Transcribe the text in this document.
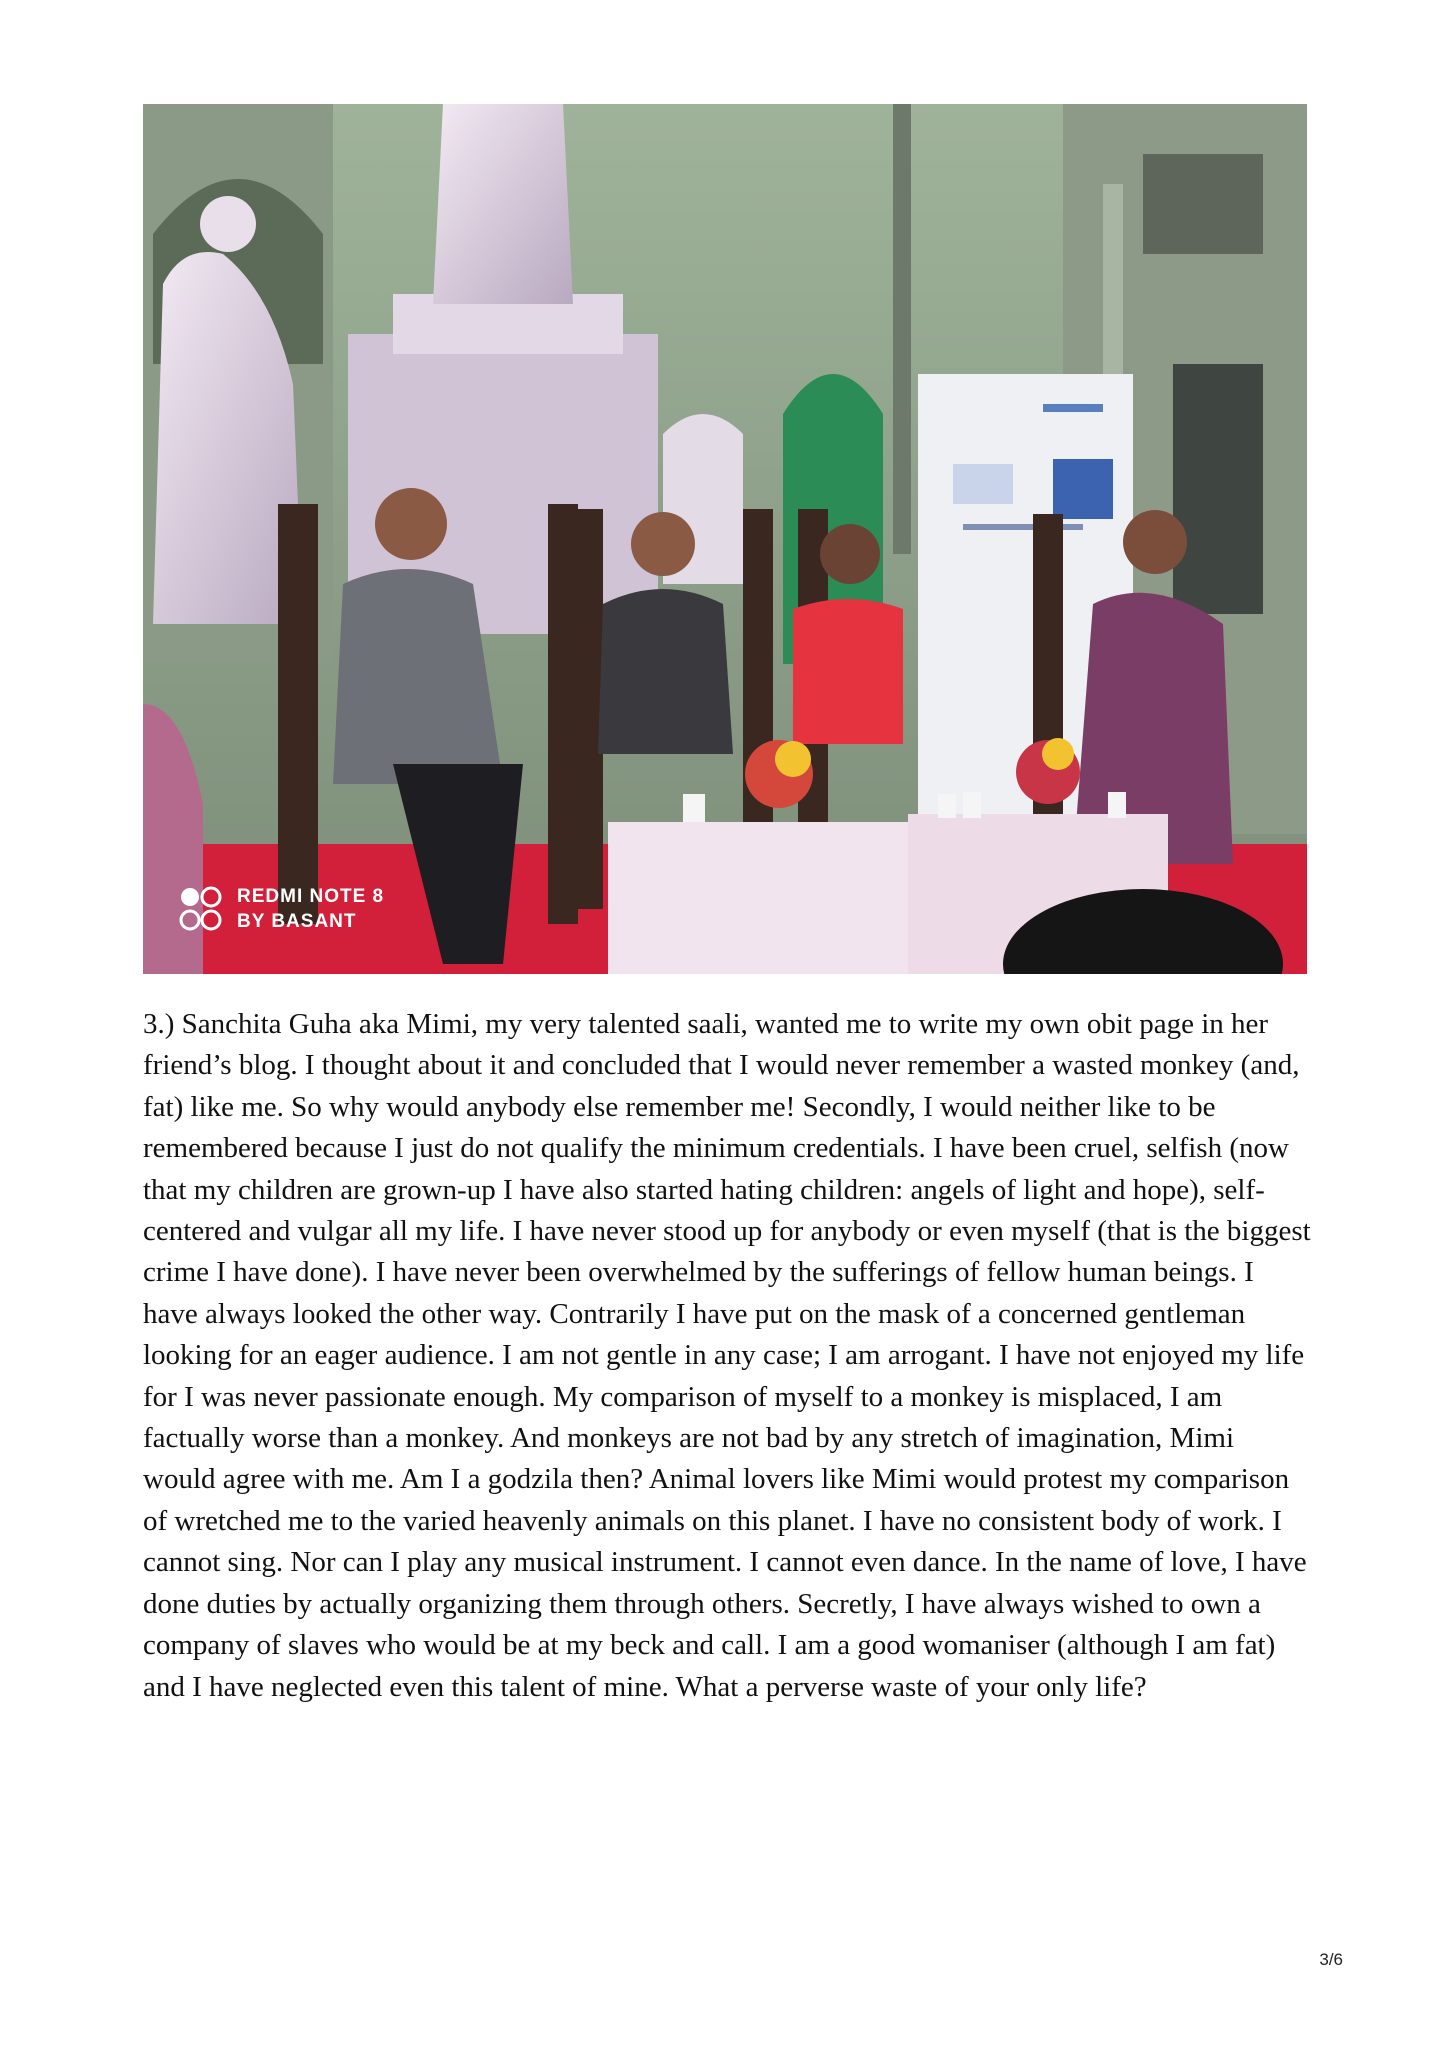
REDMI NOTE 8
BY BASANT

3.) Sanchita Guha aka Mimi, my very talented saali, wanted me to write my own obit page in her friend’s blog. I thought about it and concluded that I would never remember a wasted monkey (and, fat) like me. So why would anybody else remember me! Secondly, I would neither like to be remembered because I just do not qualify the minimum credentials. I have been cruel, selfish (now that my children are grown-up I have also started hating children: angels of light and hope), self-centered and vulgar all my life. I have never stood up for anybody or even myself (that is the biggest crime I have done). I have never been overwhelmed by the sufferings of fellow human beings. I have always looked the other way. Contrarily I have put on the mask of a concerned gentleman looking for an eager audience. I am not gentle in any case; I am arrogant. I have not enjoyed my life for I was never passionate enough. My comparison of myself to a monkey is misplaced, I am factually worse than a monkey. And monkeys are not bad by any stretch of imagination, Mimi would agree with me. Am I a godzila then? Animal lovers like Mimi would protest my comparison of wretched me to the varied heavenly animals on this planet. I have no consistent body of work. I cannot sing. Nor can I play any musical instrument. I cannot even dance. In the name of love, I have done duties by actually organizing them through others. Secretly, I have always wished to own a company of slaves who would be at my beck and call. I am a good womaniser (although I am fat) and I have neglected even this talent of mine. What a perverse waste of your only life?

3/6
